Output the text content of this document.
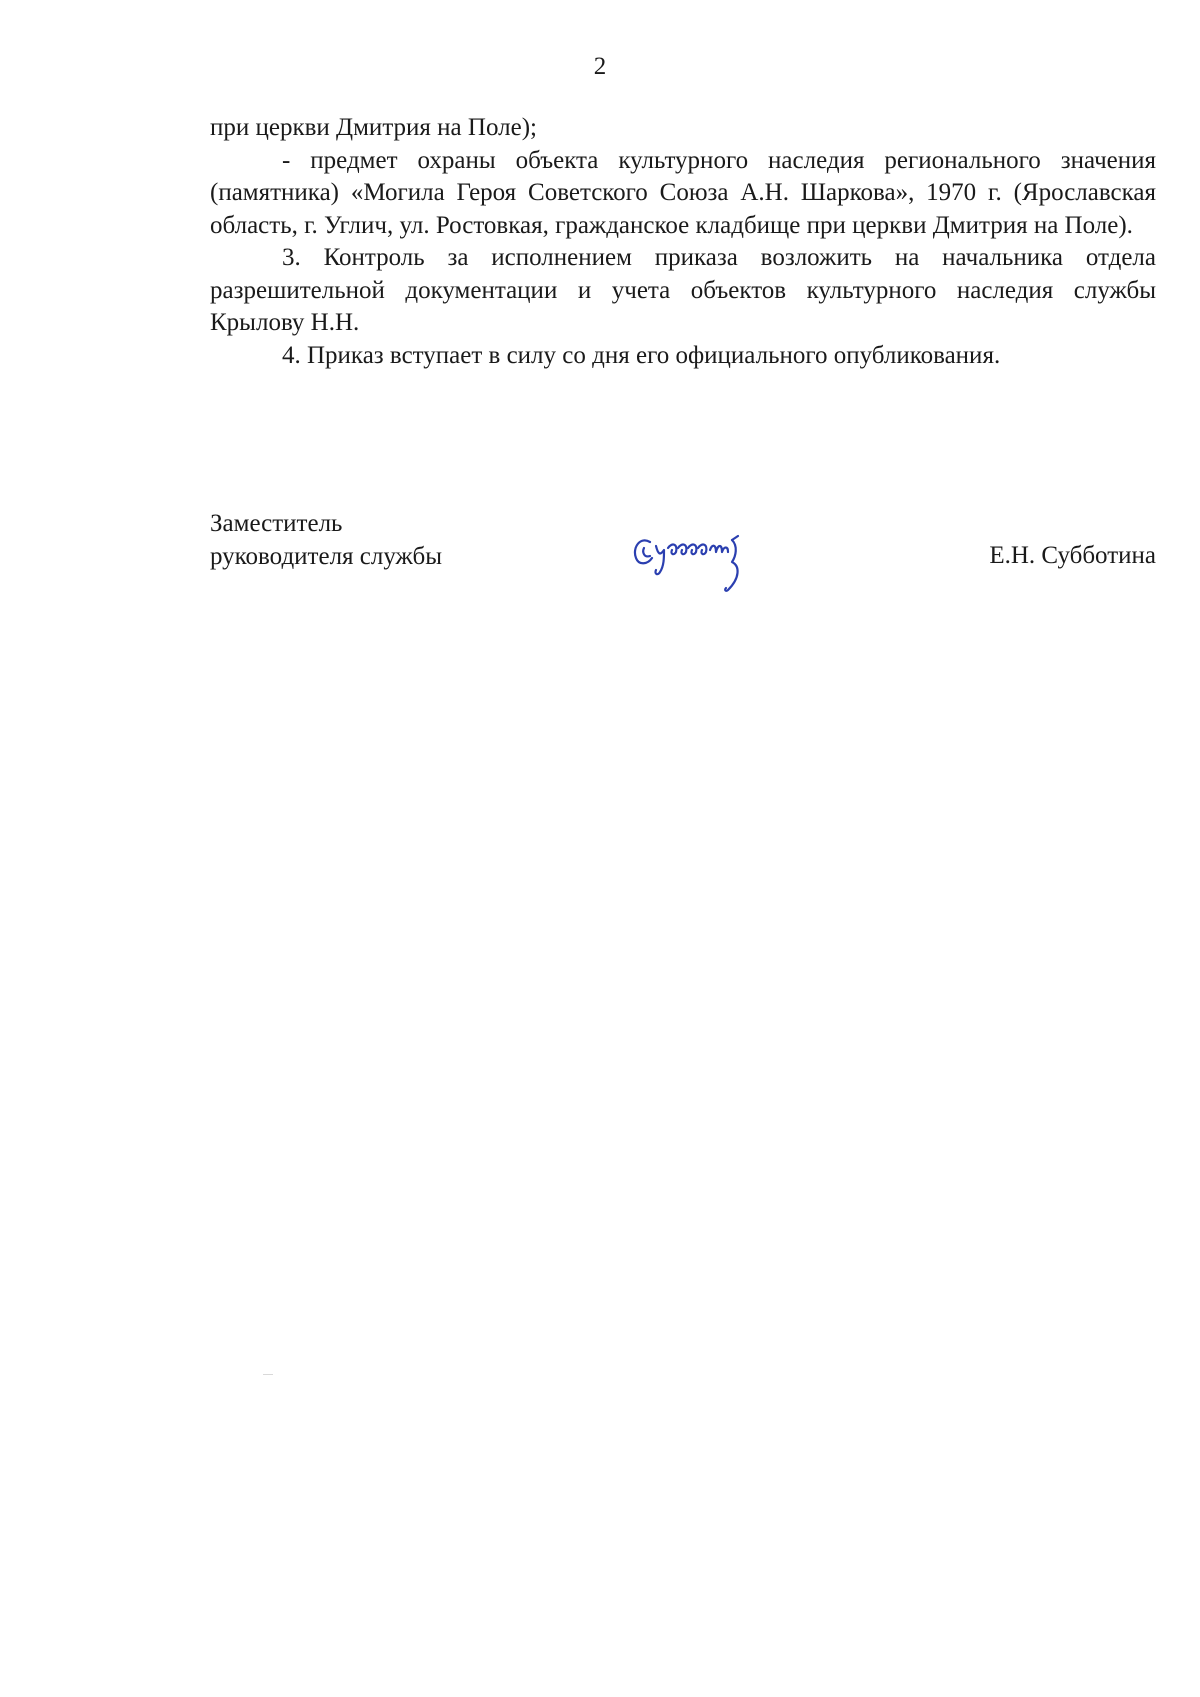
2

при церкви Дмитрия на Поле);

- предмет охраны объекта культурного наследия регионального значения (памятника) «Могила Героя Советского Союза А.Н. Шаркова», 1970 г. (Ярославская область, г. Углич, ул. Ростовкая, гражданское кладбище при церкви Дмитрия на Поле).

3. Контроль за исполнением приказа возложить на начальника отдела разрешительной документации и учета объектов культурного наследия службы Крылову Н.Н.

4. Приказ вступает в силу со дня его официального опубликования.

Заместитель
руководителя службы	Е.Н. Субботина
